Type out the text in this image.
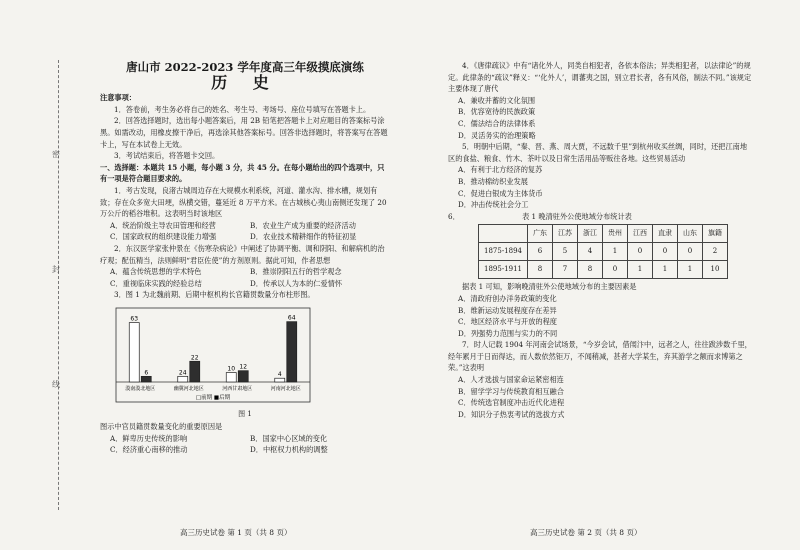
密
封
线

唐山市 2022-2023 学年度高三年级摸底演练

历 史

注意事项：

1．答卷前，考生务必将自己的姓名、考生号、考场号、座位号填写在答题卡上。

2．回答选择题时，选出每小题答案后，用 2B 铅笔把答题卡上对应题目的答案标号涂黑。如需改动，用橡皮擦干净后，再选涂其他答案标号。回答非选择题时，将答案写在答题卡上，写在本试卷上无效。

3．考试结束后，将答题卡交回。

一、选择题：本题共 15 小题，每小题 3 分，共 45 分。在每小题给出的四个选项中，只有一项是符合题目要求的。

1．考古发现，良渚古城周边存在大规模水利系统，河道、灌水沟、排水槽，规划有致；存在众多宽大田埂，纵横交错，蔓延近 8 万平方米。在古城核心夷山南侧还发现了 20 万公斤的稻谷堆积。这表明当时该地区

A．统治阶级主导农田管理和经营	B．农业生产成为重要的经济活动
C．国家政权的组织建设能力增强	D．农业技术精耕细作的特征初显

2．东汉医学家张仲景在《伤寒杂病论》中阐述了协调平衡、调和阴阳、和解病机的治疗观；配伍精当，法则鲜明“君臣佐使”的方剂原则。据此可知，作者思想

A．蕴含传统思想的学术特色	B．推崇阴阳五行的哲学观念
C．重视临床实践的经验总结	D．传承以人为本的仁爱情怀

3．图 1 为北魏前期、后期中枢机构长官籍贯数量分布柱形图。

63
6
漠南漠北地区
24
22
幽冀河北地区
10 12
河西甘肃地区
4
64
河南河北地区
□前期 ■后期

图 1

图示中官员籍贯数量变化的重要原因是

A．鲜卑历史传统的影响	B．国家中心区域的变化
C．经济重心南移的推动	D．中枢权力机构的调整
高三历史试卷 第 1 页（共 8 页）

4．《唐律疏议》中有“诸化外人，同类自相犯者，各依本俗法；异类相犯者，以法律论”的规定。此律条的“疏议”释义：“‘化外人’，谓蕃夷之国，别立君长者，各有风俗，制法不同。”该规定主要体现了唐代

A．兼收并蓄的文化氛围

B．优容宽待的民族政策

C．儒法结合的法律体系

D．灵活务实的治理策略

5．明朝中后期，“秦、晋、燕、周大贾，不远数千里”到杭州收买丝绸，同时，还把江南地区的食盐、粮食、竹木、茶叶以及日常生活用品等贩往各地。这些贸易活动

A．有利于北方经济的复苏

B．推动棉纺织业发展

C．促进白银成为主体货币

D．冲击传统社会分工

6．	表 1 晚清驻外公使地域分布统计表

	广东	江苏	浙江	贵州	江西	直隶	山东	旗籍
1875-1894	6	5	4	1	0	0	0	2
1895-1911	8	7	8	0	1	1	1	10

据表 1 可知，影响晚清驻外公使地域分布的主要因素是

A．清政府创办洋务政策的变化

B．维新运动发展程度存在差异

C．地区经济水平与开放的程度

D．列强势力范围与实力的不同

7．时人记载 1904 年河南会试场景，“今岁会试，借闱汴中，远者之人，往往跋涉数千里，经年累月于日而得达，而人数依然钜万，不闻稍减，甚者大学某生，弃其游学之额而求博第之荣。”这表明

A．人才选拔与国家命运紧密相连

B．留学学习与传统教育相互融合

C．传统选官制度冲击近代化进程

D．知识分子热衷考试的选拔方式

高三历史试卷 第 2 页（共 8 页）
